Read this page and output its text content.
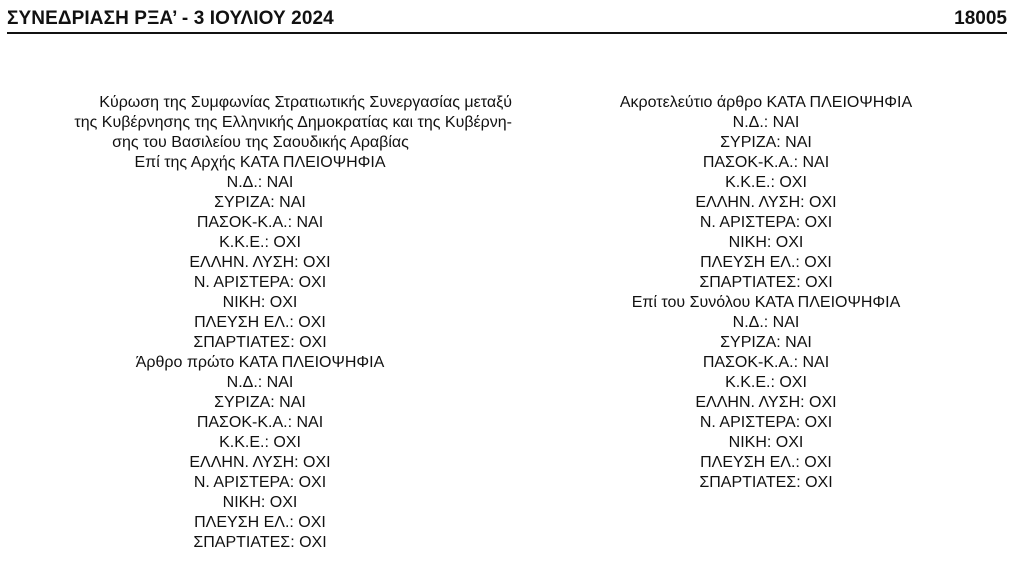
ΣΥΝΕΔΡΙΑΣΗ ΡΞΑ’ - 3 ΙΟΥΛΙΟΥ 2024	18005
Κύρωση της Συμφωνίας Στρατιωτικής Συνεργασίας μεταξύ
της Κυβέρνησης της Ελληνικής Δημοκρατίας και της Κυβέρνη-
σης του Βασιλείου της Σαουδικής Αραβίας
Επί της Αρχής ΚΑΤΑ ΠΛΕΙΟΨΗΦΙΑ
Ν.Δ.: ΝΑΙ
ΣΥΡΙΖΑ: ΝΑΙ
ΠΑΣΟΚ-Κ.Α.: ΝΑΙ
Κ.Κ.Ε.: ΟΧΙ
ΕΛΛΗΝ. ΛΥΣΗ: ΟΧΙ
Ν. ΑΡΙΣΤΕΡΑ: ΟΧΙ
ΝΙΚΗ: ΟΧΙ
ΠΛΕΥΣΗ ΕΛ.: ΟΧΙ
ΣΠΑΡΤΙΑΤΕΣ: ΟΧΙ
Άρθρο πρώτο ΚΑΤΑ ΠΛΕΙΟΨΗΦΙΑ
Ν.Δ.: ΝΑΙ
ΣΥΡΙΖΑ: ΝΑΙ
ΠΑΣΟΚ-Κ.Α.: ΝΑΙ
Κ.Κ.Ε.: ΟΧΙ
ΕΛΛΗΝ. ΛΥΣΗ: ΟΧΙ
Ν. ΑΡΙΣΤΕΡΑ: ΟΧΙ
ΝΙΚΗ: ΟΧΙ
ΠΛΕΥΣΗ ΕΛ.: ΟΧΙ
ΣΠΑΡΤΙΑΤΕΣ: ΟΧΙ
Ακροτελεύτιο άρθρο ΚΑΤΑ ΠΛΕΙΟΨΗΦΙΑ
Ν.Δ.: ΝΑΙ
ΣΥΡΙΖΑ: ΝΑΙ
ΠΑΣΟΚ-Κ.Α.: ΝΑΙ
Κ.Κ.Ε.: ΟΧΙ
ΕΛΛΗΝ. ΛΥΣΗ: ΟΧΙ
Ν. ΑΡΙΣΤΕΡΑ: ΟΧΙ
ΝΙΚΗ: ΟΧΙ
ΠΛΕΥΣΗ ΕΛ.: ΟΧΙ
ΣΠΑΡΤΙΑΤΕΣ: ΟΧΙ
Επί του Συνόλου ΚΑΤΑ ΠΛΕΙΟΨΗΦΙΑ
Ν.Δ.: ΝΑΙ
ΣΥΡΙΖΑ: ΝΑΙ
ΠΑΣΟΚ-Κ.Α.: ΝΑΙ
Κ.Κ.Ε.: ΟΧΙ
ΕΛΛΗΝ. ΛΥΣΗ: ΟΧΙ
Ν. ΑΡΙΣΤΕΡΑ: ΟΧΙ
ΝΙΚΗ: ΟΧΙ
ΠΛΕΥΣΗ ΕΛ.: ΟΧΙ
ΣΠΑΡΤΙΑΤΕΣ: ΟΧΙ
